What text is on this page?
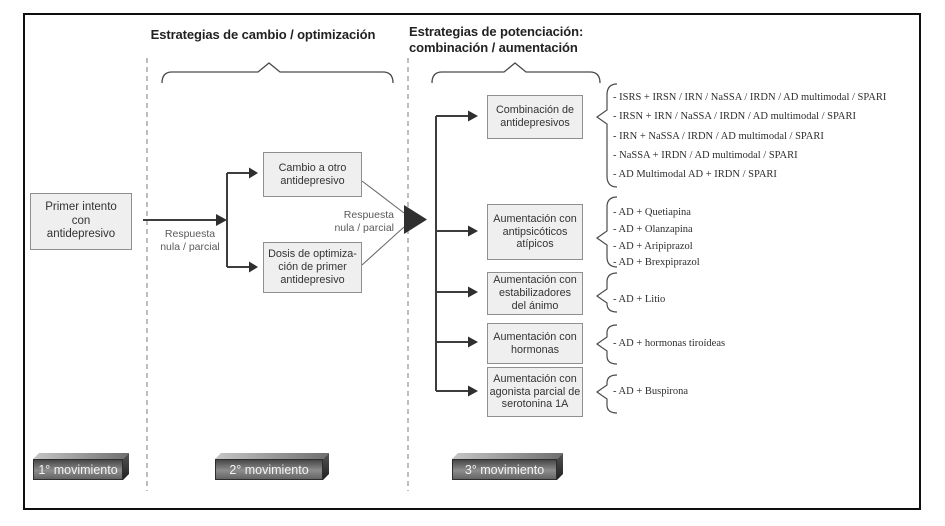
Estrategias de cambio / optimización	Estrategias de potenciación:
combinación / aumentación
Primer intento
con
antidepresivo	Respuesta
nula / parcial
Respuesta
nula / parcial
Cambio a otro
antidepresivo
Dosis de optimiza-
ción de primer
antidepresivo
Combinación de
antidepresivos
Aumentación con
antipsicóticos
atípicos
Aumentación con
estabilizadores
del ánimo
Aumentación con
hormonas
Aumentación con
agonista parcial de
serotonina 1A
- ISRS + IRSN / IRN / NaSSA / IRDN / AD multimodal / SPARI
- IRSN + IRN / NaSSA / IRDN / AD multimodal / SPARI
- IRN + NaSSA / IRDN / AD multimodal / SPARI
- NaSSA + IRDN / AD multimodal / SPARI
- AD Multimodal AD + IRDN / SPARI
- AD + Quetiapina
- AD + Olanzapina
- AD + Aripiprazol
- AD + Brexpiprazol
- AD + Litio
- AD + hormonas tiroídeas
- AD + Buspirona
1° movimiento	2° movimiento	3° movimiento
